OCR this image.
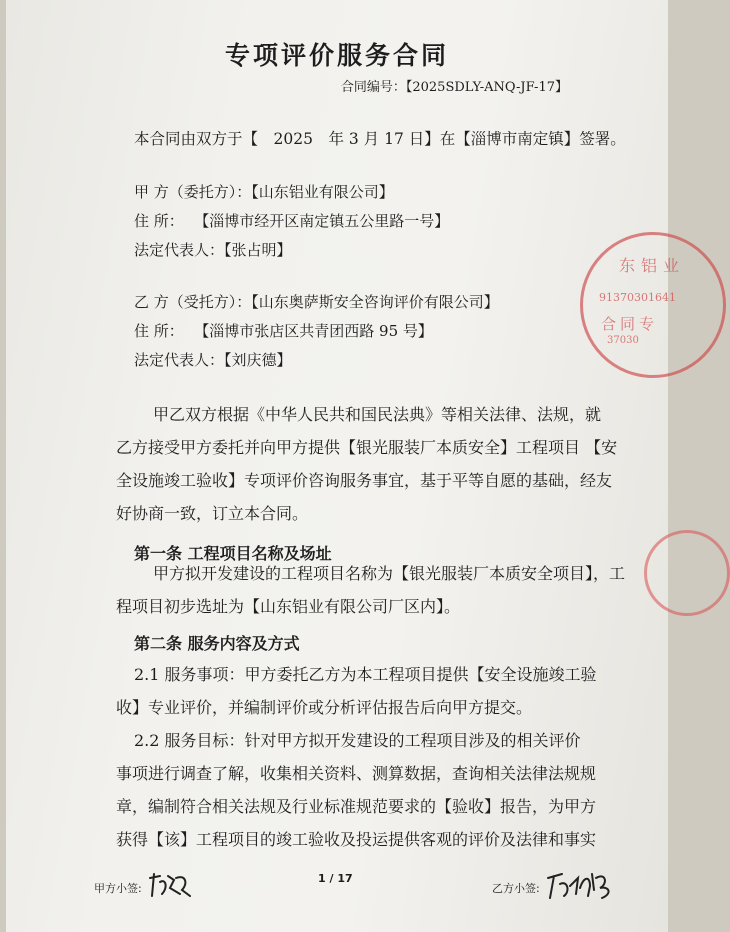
专项评价服务合同
合同编号：【2025SDLY-ANQ-JF-17】
本合同由双方于【　2025　年 3 月 17 日】在【淄博市南定镇】签署。
甲 方（委托方）：【山东铝业有限公司】
住 所： 【淄博市经开区南定镇五公里路一号】
法定代表人：【张占明】
乙 方（受托方）：【山东奥萨斯安全咨询评价有限公司】
住 所： 【淄博市张店区共青团西路 95 号】
法定代表人：【刘庆德】
甲乙双方根据《中华人民共和国民法典》等相关法律、法规，就
乙方接受甲方委托并向甲方提供【银光服装厂本质安全】工程项目 【安
全设施竣工验收】专项评价咨询服务事宜，基于平等自愿的基础，经友
好协商一致，订立本合同。
第一条 工程项目名称及场址
甲方拟开发建设的工程项目名称为【银光服装厂本质安全项目】，工
程项目初步选址为【山东铝业有限公司厂区内】。
第二条 服务内容及方式
2.1 服务事项：甲方委托乙方为本工程项目提供【安全设施竣工验
收】专业评价，并编制评价或分析评估报告后向甲方提交。
2.2 服务目标：针对甲方拟开发建设的工程项目涉及的相关评价
事项进行调查了解，收集相关资料、测算数据，查询相关法律法规规
章，编制符合相关法规及行业标准规范要求的【验收】报告，为甲方
获得【该】工程项目的竣工验收及投运提供客观的评价及法律和事实
甲方小签:
1 / 17
乙方小签:
东铝业
91370301641
合同专
37030
